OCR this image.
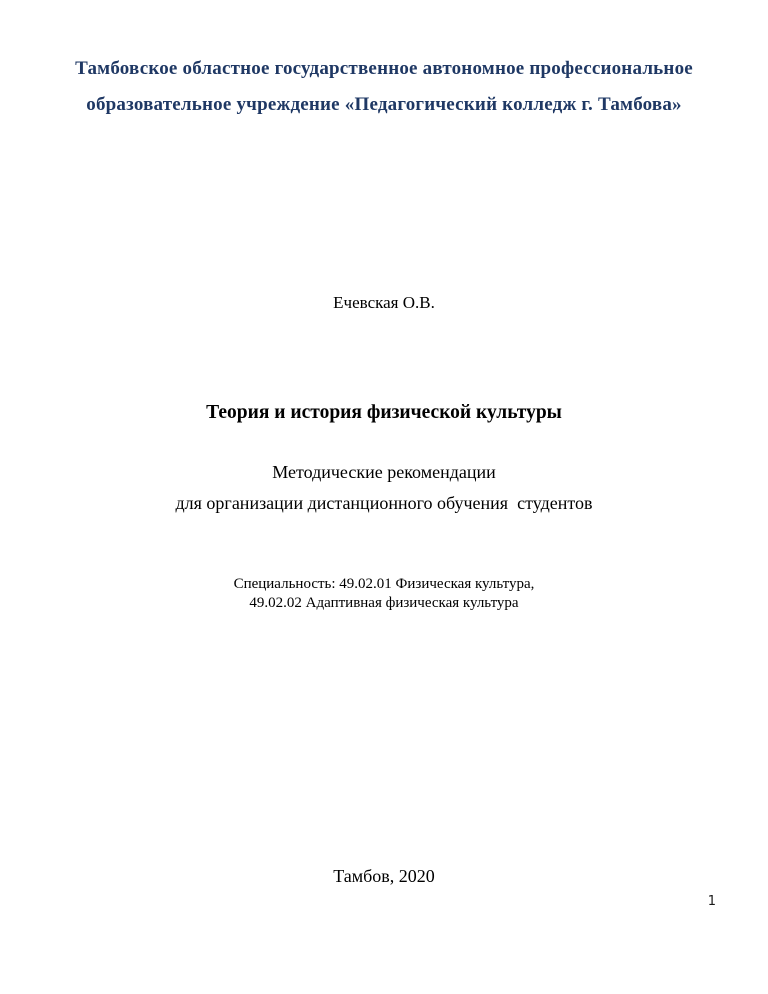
Тамбовское областное государственное автономное профессиональное
образовательное учреждение «Педагогический колледж г. Тамбова»
Ечевская О.В.
Теория и история физической культуры
Методические рекомендации
для организации дистанционного обучения  студентов
Специальность: 49.02.01 Физическая культура,
49.02.02 Адаптивная физическая культура
Тамбов, 2020
1
